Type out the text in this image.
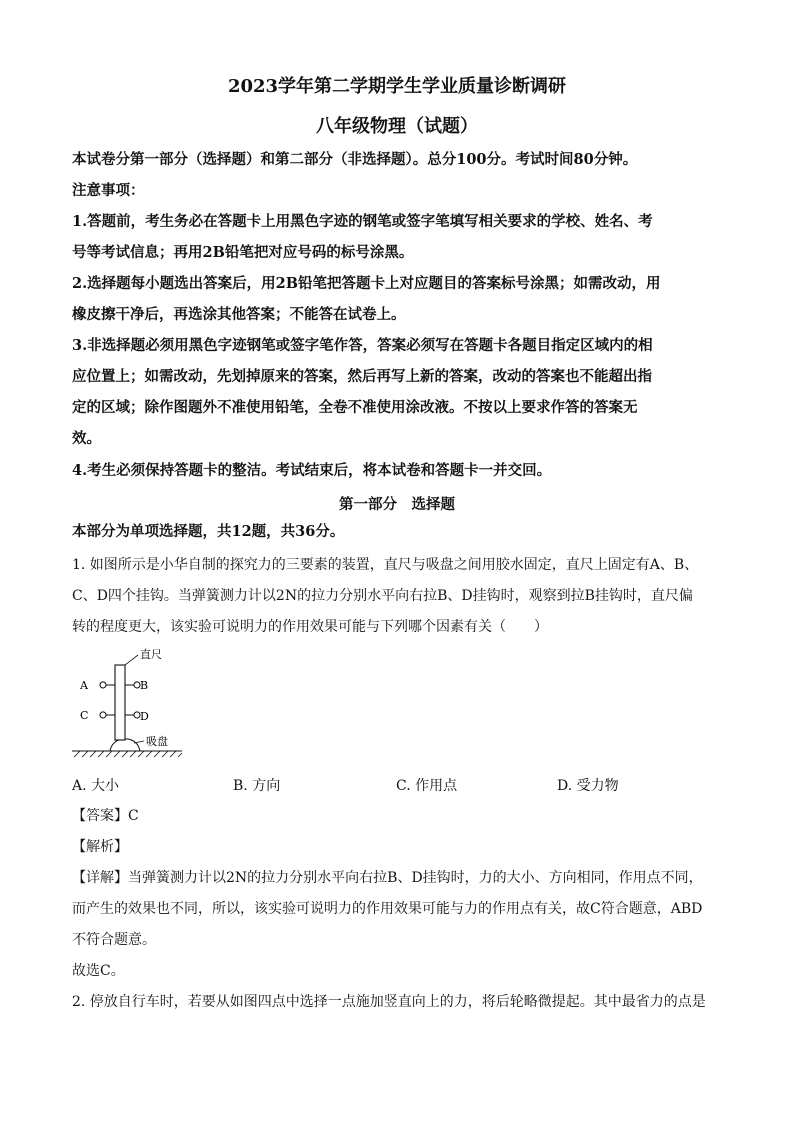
2023学年第二学期学生学业质量诊断调研
八年级物理（试题）
本试卷分第一部分（选择题）和第二部分（非选择题）。总分100分。考试时间80分钟。
注意事项：
1.答题前，考生务必在答题卡上用黑色字迹的钢笔或签字笔填写相关要求的学校、姓名、考
号等考试信息；再用2B铅笔把对应号码的标号涂黑。
2.选择题每小题选出答案后，用2B铅笔把答题卡上对应题目的答案标号涂黑；如需改动，用
橡皮擦干净后，再选涂其他答案；不能答在试卷上。
3.非选择题必须用黑色字迹钢笔或签字笔作答，答案必须写在答题卡各题目指定区域内的相
应位置上；如需改动，先划掉原来的答案，然后再写上新的答案，改动的答案也不能超出指
定的区域；除作图题外不准使用铅笔，全卷不准使用涂改液。不按以上要求作答的答案无
效。
4.考生必须保持答题卡的整洁。考试结束后，将本试卷和答题卡一并交回。
第一部分　选择题
本部分为单项选择题，共12题，共36分。
1. 如图所示是小华自制的探究力的三要素的装置，直尺与吸盘之间用胶水固定，直尺上固定有A、B、
C、D四个挂钩。当弹簧测力计以2N的拉力分别水平向右拉B、D挂钩时，观察到拉B挂钩时，直尺偏
转的程度更大，该实验可说明力的作用效果可能与下列哪个因素有关（　　）
直尺
A
C
B
D
吸盘
A. 大小	B. 方向	C. 作用点	D. 受力物
【答案】C
【解析】
【详解】当弹簧测力计以2N的拉力分别水平向右拉B、D挂钩时，力的大小、方向相同，作用点不同，
而产生的效果也不同，所以，该实验可说明力的作用效果可能与力的作用点有关，故C符合题意，ABD
不符合题意。
故选C。
2. 停放自行车时，若要从如图四点中选择一点施加竖直向上的力，将后轮略微提起。其中最省力的点是
